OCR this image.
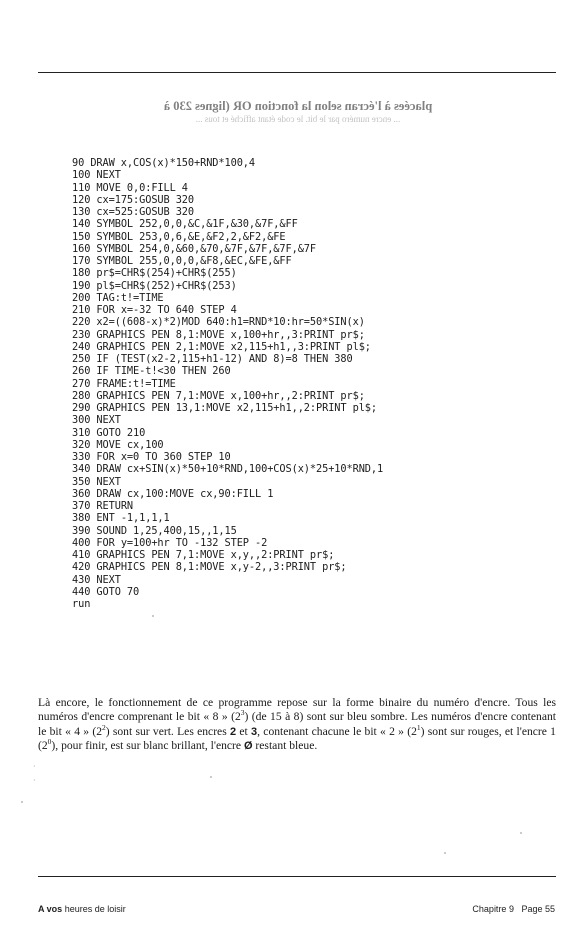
placées à l'écran selon la fonction OR (lignes 230 à
... encre numéro par le bit. le code étant affiché et tous ...
90 DRAW x,COS(x)*150+RND*100,4
100 NEXT
110 MOVE 0,0:FILL 4
120 cx=175:GOSUB 320
130 cx=525:GOSUB 320
140 SYMBOL 252,0,0,&C,&1F,&30,&7F,&FF
150 SYMBOL 253,0,6,&E,&F2,2,&F2,&FE
160 SYMBOL 254,0,&60,&70,&7F,&7F,&7F,&7F
170 SYMBOL 255,0,0,0,&F8,&EC,&FE,&FF
180 pr$=CHR$(254)+CHR$(255)
190 pl$=CHR$(252)+CHR$(253)
200 TAG:t!=TIME
210 FOR x=-32 TO 640 STEP 4
220 x2=((608-x)*2)MOD 640:h1=RND*10:hr=50*SIN(x)
230 GRAPHICS PEN 8,1:MOVE x,100+hr,,3:PRINT pr$;
240 GRAPHICS PEN 2,1:MOVE x2,115+h1,,3:PRINT pl$;
250 IF (TEST(x2-2,115+h1-12) AND 8)=8 THEN 380
260 IF TIME-t!<30 THEN 260
270 FRAME:t!=TIME
280 GRAPHICS PEN 7,1:MOVE x,100+hr,,2:PRINT pr$;
290 GRAPHICS PEN 13,1:MOVE x2,115+h1,,2:PRINT pl$;
300 NEXT
310 GOTO 210
320 MOVE cx,100
330 FOR x=0 TO 360 STEP 10
340 DRAW cx+SIN(x)*50+10*RND,100+COS(x)*25+10*RND,1
350 NEXT
360 DRAW cx,100:MOVE cx,90:FILL 1
370 RETURN
380 ENT -1,1,1,1
390 SOUND 1,25,400,15,,1,15
400 FOR y=100+hr TO -132 STEP -2
410 GRAPHICS PEN 7,1:MOVE x,y,,2:PRINT pr$;
420 GRAPHICS PEN 8,1:MOVE x,y-2,,3:PRINT pr$;
430 NEXT
440 GOTO 70
run
·
·
Là encore, le fonctionnement de ce programme repose sur la forme binaire du numéro d'encre. Tous les numéros d'encre comprenant le bit « 8 » $(2^3)$ (de 15 à 8) sont sur bleu sombre. Les numéros d'encre contenant le bit « 4 » $(2^2)$ sont sur vert. Les encres 2 et 3, contenant chacune le bit « 2 » $(2^1)$ sont sur rouges, et l'encre 1 $(2^0)$, pour finir, est sur blanc brillant, l'encre Ø restant bleue.
A vos heures de loisir	Chapitre 9 Page 55
